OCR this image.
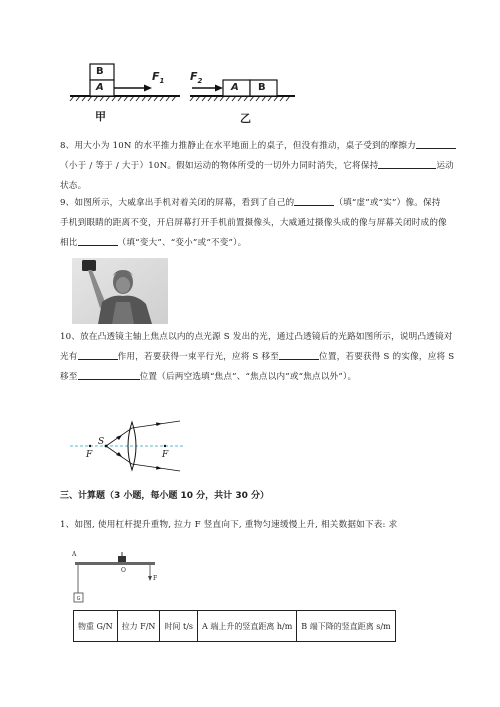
B
A
$F_1$
甲
$F_2$
A B
乙
8、用大小为 10N 的水平推力推静止在水平地面上的桌子，但没有推动，桌子受到的摩擦力
（小于 / 等于 / 大于）10N。假如运动的物体所受的一切外力同时消失，它将保持	运动
状态。
9、如图所示，大威拿出手机对着关闭的屏幕，看到了自己的	（填“虚”或“实”）像。保持
手机到眼睛的距离不变，开启屏幕打开手机前置摄像头，大威通过摄像头成的像与屏幕关闭时成的像
相比	（填“变大”、“变小”或“不变”）。
10、放在凸透镜主轴上焦点以内的点光源 S 发出的光，通过凸透镜后的光路如图所示，说明凸透镜对
光有	作用，若要获得一束平行光，应将 S 移至	位置，若要获得 S 的实像，应将 S
移至	位置（后两空选填“焦点”、“焦点以内”或“焦点以外”）。
S
F	F
三、计算题（3 小题，每小题 10 分，共计 30 分）
1、如图, 使用杠杆提升重物, 拉力 F 竖直向下, 重物匀速缓慢上升, 相关数据如下表: 求
G
A
O
F
物重 G/N	拉力 F/N	时间 t/s	A 端上升的竖直距离 h/m	B 端下降的竖直距离 s/m
